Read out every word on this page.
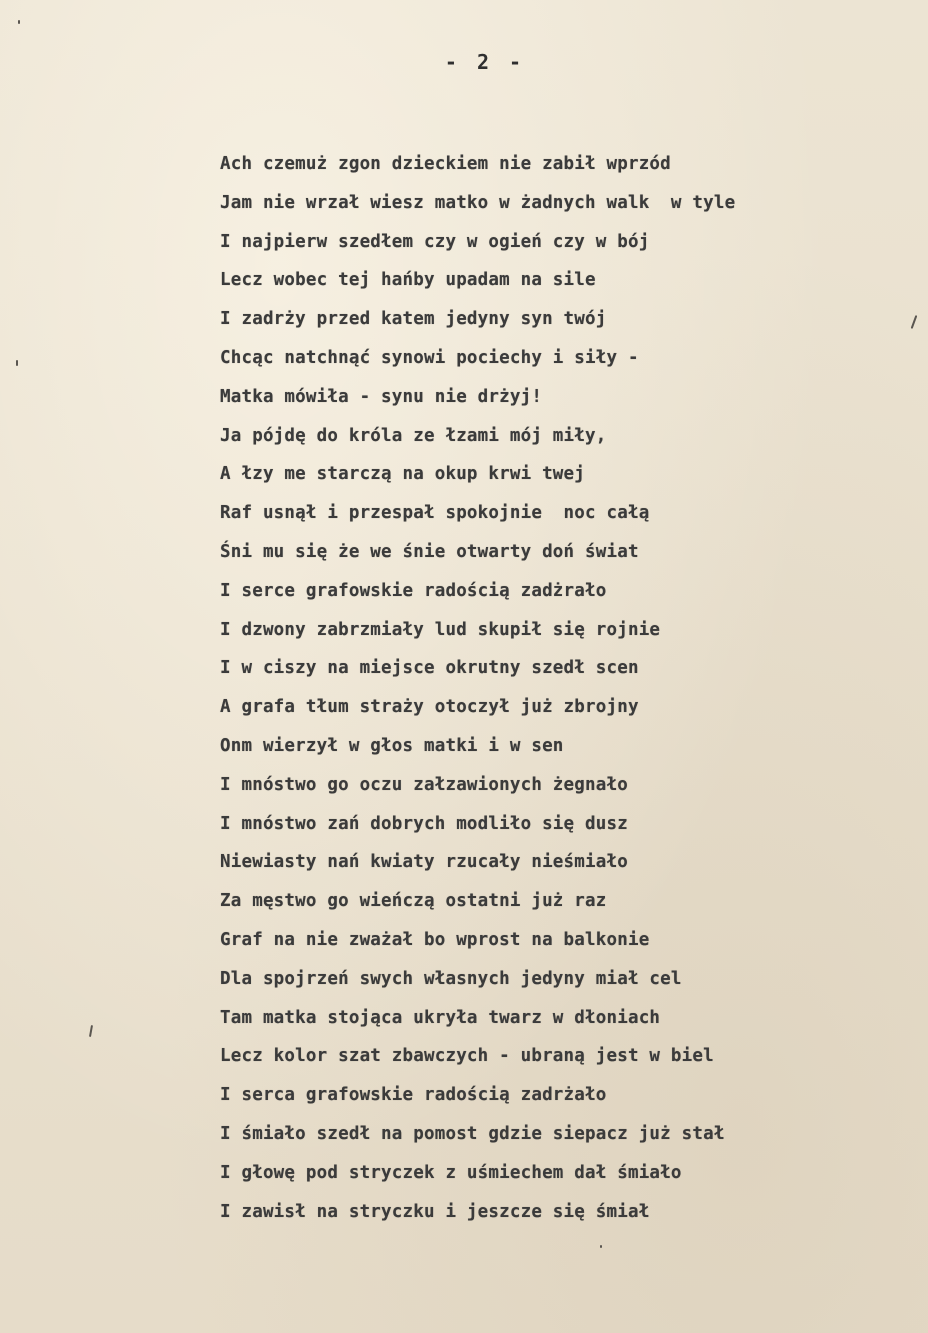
- 2 -
Ach czemuż zgon dzieckiem nie zabił wprzód
Jam nie wrzał wiesz matko w żadnych walk  w tyle
I najpierw szedłem czy w ogień czy w bój
Lecz wobec tej hańby upadam na sile
I zadrży przed katem jedyny syn twój
Chcąc natchnąć synowi pociechy i siły -
Matka mówiła - synu nie drżyj!
Ja pójdę do króla ze łzami mój miły,
A łzy me starczą na okup krwi twej
Raf usnął i przespał spokojnie  noc całą
Śni mu się że we śnie otwarty doń świat
I serce grafowskie radością zadżrało
I dzwony zabrzmiały lud skupił się rojnie
I w ciszy na miejsce okrutny szedł scen
A grafa tłum straży otoczył już zbrojny
Onm wierzył w głos matki i w sen
I mnóstwo go oczu załzawionych żegnało
I mnóstwo zań dobrych modliło się dusz
Niewiasty nań kwiaty rzucały nieśmiało
Za męstwo go wieńczą ostatni już raz
Graf na nie zważał bo wprost na balkonie
Dla spojrzeń swych własnych jedyny miał cel
Tam matka stojąca ukryła twarz w dłoniach
Lecz kolor szat zbawczych - ubraną jest w biel
I serca grafowskie radością zadrżało
I śmiało szedł na pomost gdzie siepacz już stał
I głowę pod stryczek z uśmiechem dał śmiało
I zawisł na stryczku i jeszcze się śmiał
